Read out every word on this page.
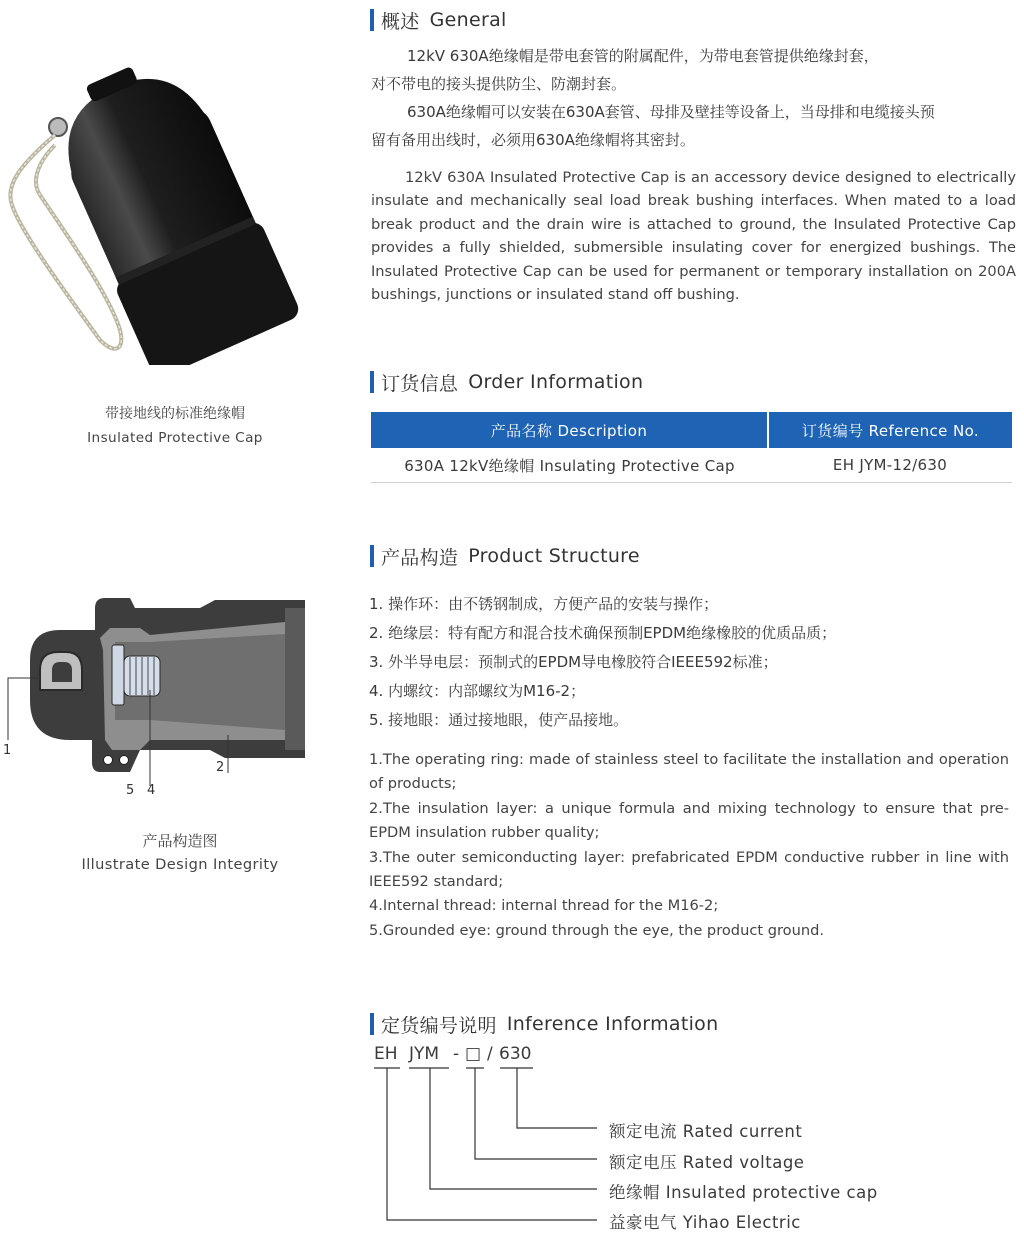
带接地线的标准绝缘帽
Insulated Protective Cap
概述 General
12kV 630A绝缘帽是带电套管的附属配件，为带电套管提供绝缘封套，
对不带电的接头提供防尘、防潮封套。
630A绝缘帽可以安装在630A套管、母排及壁挂等设备上，当母排和电缆接头预
留有备用出线时，必须用630A绝缘帽将其密封。
12kV 630A Insulated Protective Cap is an accessory device designed to electrically insulate and mechanically seal load break bushing interfaces. When mated to a load break product and the drain wire is attached to ground, the Insulated Protective Cap provides a fully shielded, submersible insulating cover for energized bushings. The Insulated Protective Cap can be used for permanent or temporary installation on 200A bushings, junctions or insulated stand off bushing.
订货信息 Order Information
产品名称 Description	订货编号 Reference No.
630A 12kV绝缘帽 Insulating Protective Cap	EH JYM-12/630
1
2
5 4
产品构造图
Illustrate Design Integrity
产品构造 Product Structure
1. 操作环：由不锈钢制成，方便产品的安装与操作；
2. 绝缘层：特有配方和混合技术确保预制EPDM绝缘橡胶的优质品质；
3. 外半导电层：预制式的EPDM导电橡胶符合IEEE592标准；
4. 内螺纹：内部螺纹为M16-2；
5. 接地眼：通过接地眼，使产品接地。
1.The operating ring: made of stainless steel to facilitate the installation and operation of products;
2.The insulation layer: a unique formula and mixing technology to ensure that pre-EPDM insulation rubber quality;
3.The outer semiconducting layer: prefabricated EPDM conductive rubber in line with IEEE592 standard;
4.Internal thread: internal thread for the M16-2;
5.Grounded eye: ground through the eye, the product ground.
定货编号说明 Inference Information
EH JYM - □ / 630
额定电流 Rated current
额定电压 Rated voltage
绝缘帽 Insulated protective cap
益豪电气 Yihao Electric
